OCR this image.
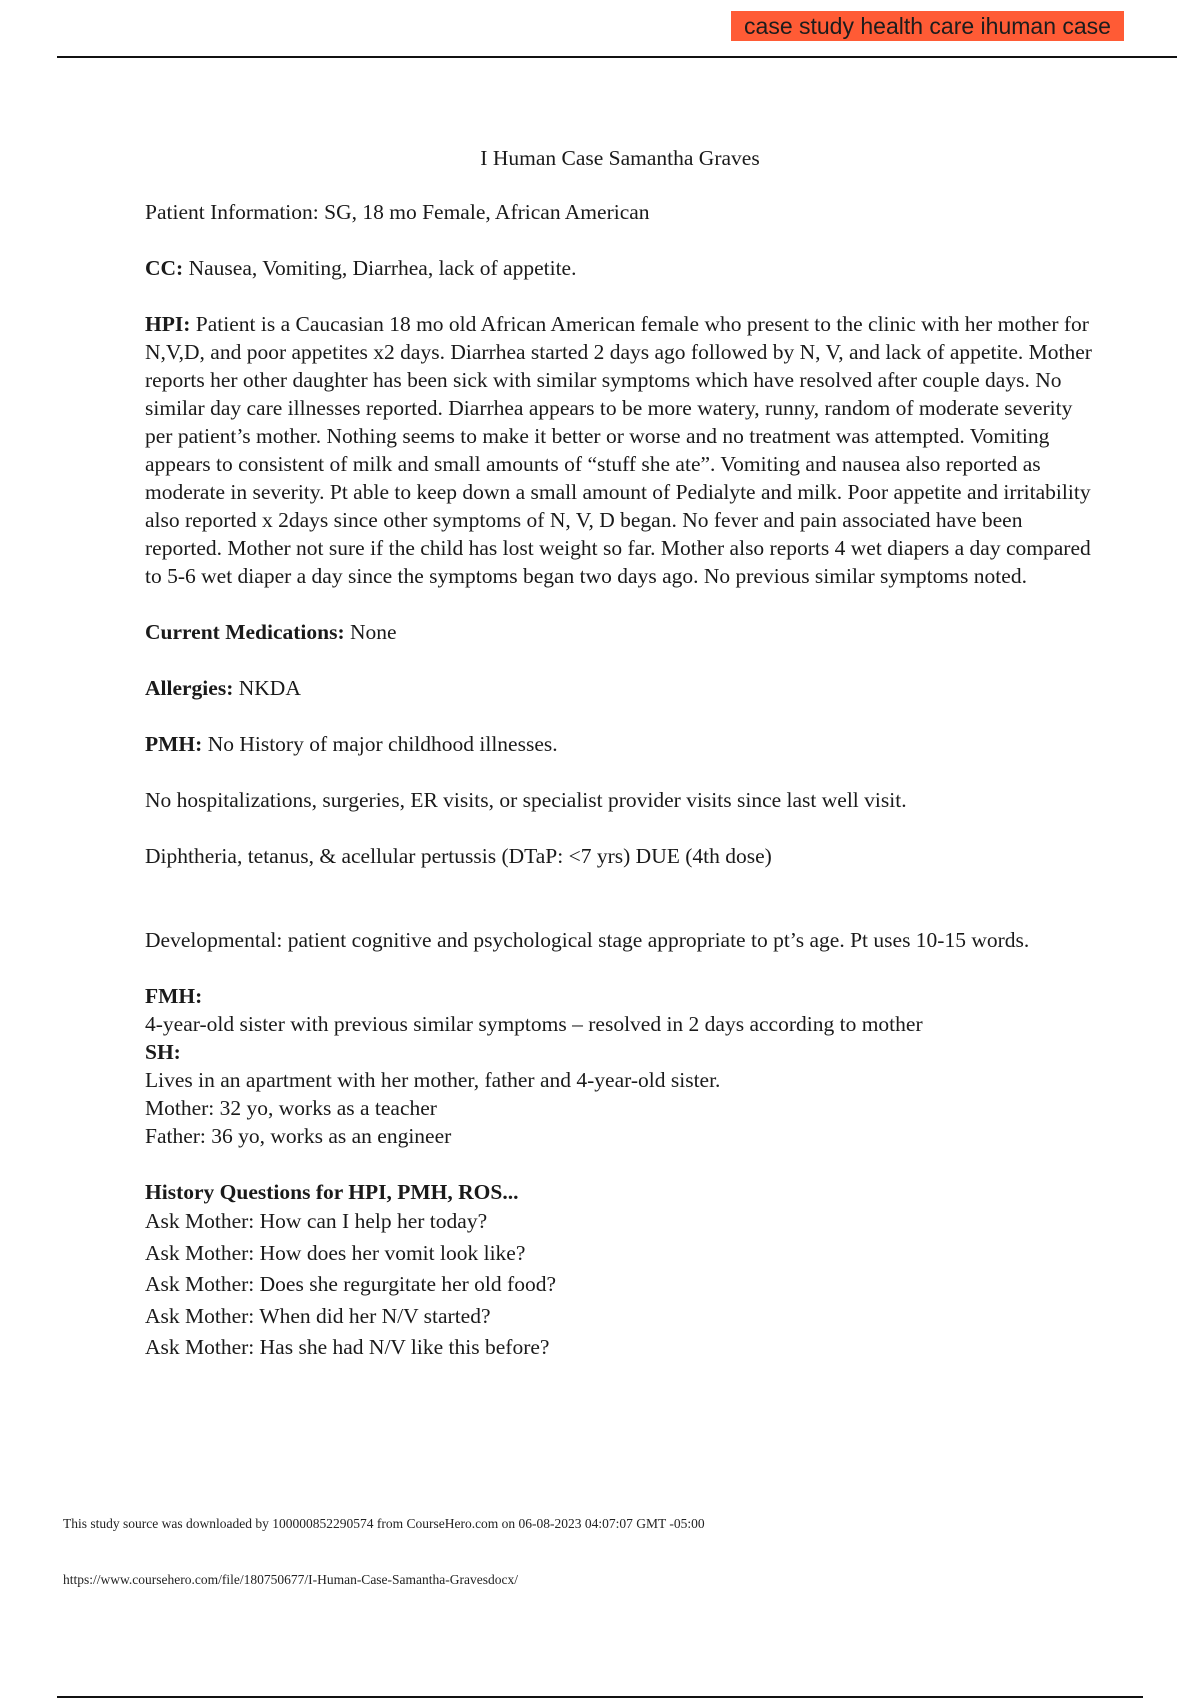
case study health care ihuman case
I Human Case Samantha Graves
Patient Information: SG, 18 mo Female, African American
CC: Nausea, Vomiting, Diarrhea, lack of appetite.
HPI: Patient is a Caucasian 18 mo old African American female who present to the clinic with her mother for N,V,D, and poor appetites x2 days. Diarrhea started 2 days ago followed by N, V, and lack of appetite. Mother reports her other daughter has been sick with similar symptoms which have resolved after couple days. No similar day care illnesses reported. Diarrhea appears to be more watery, runny, random of moderate severity per patient’s mother. Nothing seems to make it better or worse and no treatment was attempted. Vomiting appears to consistent of milk and small amounts of “stuff she ate”. Vomiting and nausea also reported as moderate in severity. Pt able to keep down a small amount of Pedialyte and milk. Poor appetite and irritability also reported x 2days since other symptoms of N, V, D began. No fever and pain associated have been reported. Mother not sure if the child has lost weight so far. Mother also reports 4 wet diapers a day compared to 5-6 wet diaper a day since the symptoms began two days ago. No previous similar symptoms noted.
Current Medications: None
Allergies: NKDA
PMH: No History of major childhood illnesses.
No hospitalizations, surgeries, ER visits, or specialist provider visits since last well visit.
Diphtheria, tetanus, & acellular pertussis (DTaP: <7 yrs) DUE (4th dose)
Developmental: patient cognitive and psychological stage appropriate to pt’s age. Pt uses 10-15 words.
FMH:
4-year-old sister with previous similar symptoms – resolved in 2 days according to mother
SH:
Lives in an apartment with her mother, father and 4-year-old sister.
Mother: 32 yo, works as a teacher
Father: 36 yo, works as an engineer
History Questions for HPI, PMH, ROS...
Ask Mother: How can I help her today?
Ask Mother: How does her vomit look like?
Ask Mother: Does she regurgitate her old food?
Ask Mother: When did her N/V started?
Ask Mother: Has she had N/V like this before?
This study source was downloaded by 100000852290574 from CourseHero.com on 06-08-2023 04:07:07 GMT -05:00
https://www.coursehero.com/file/180750677/I-Human-Case-Samantha-Gravesdocx/
